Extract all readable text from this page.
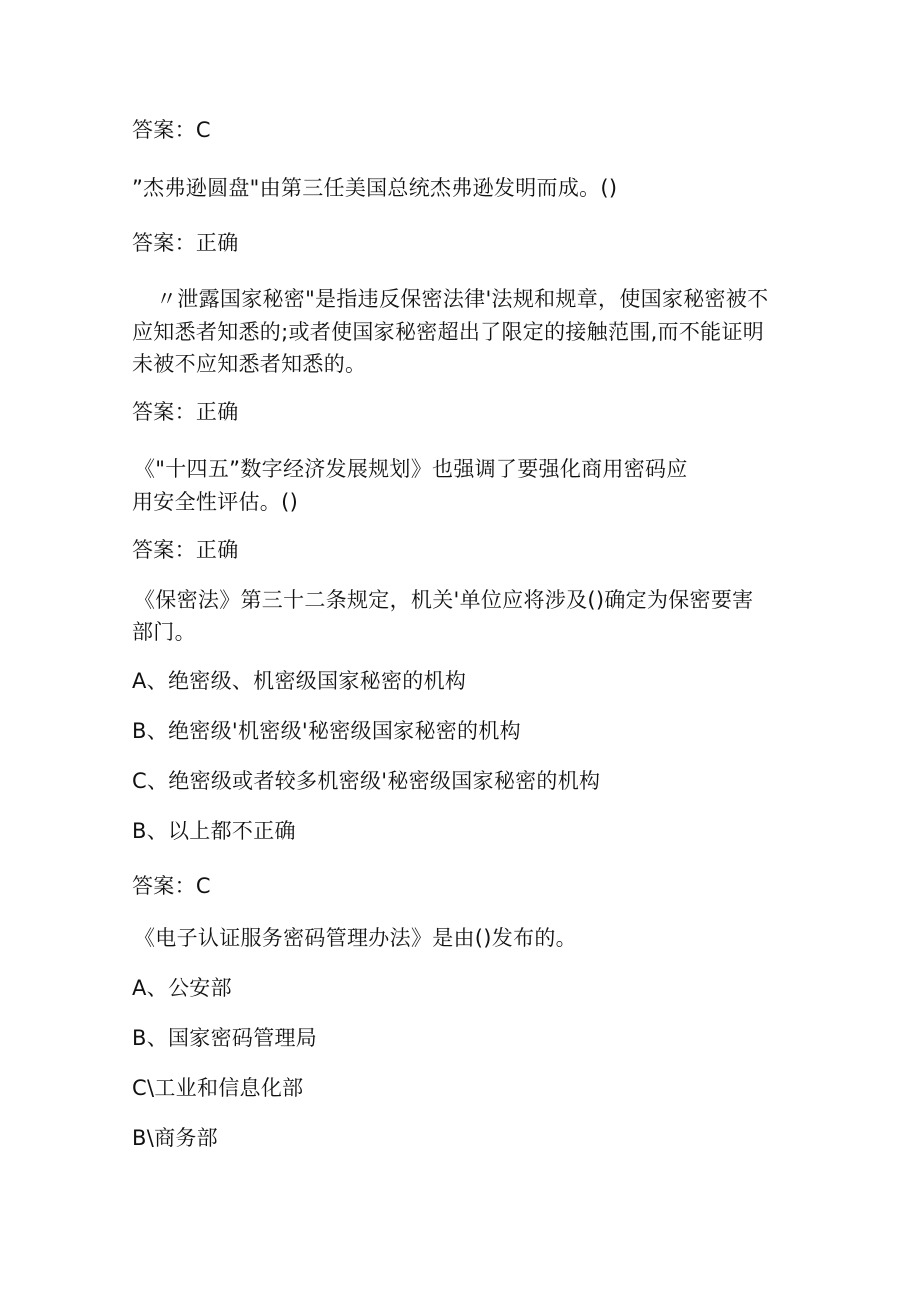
答案：C
”杰弗逊圆盘"由第三任美国总统杰弗逊发明而成。()
答案：正确
〃泄露国家秘密"是指违反保密法律'法规和规章，使国家秘密被不
应知悉者知悉的;或者使国家秘密超出了限定的接触范围,而不能证明
未被不应知悉者知悉的。
答案：正确
《"十四五”数字经济发展规划》也强调了要强化商用密码应
用安全性评估。()
答案：正确
《保密法》第三十二条规定，机关'单位应将涉及()确定为保密要害
部门。
A、绝密级、机密级国家秘密的机构
B、绝密级'机密级'秘密级国家秘密的机构
C、绝密级或者较多机密级'秘密级国家秘密的机构
B、以上都不正确
答案：C
《电子认证服务密码管理办法》是由()发布的。
A、公安部
B、国家密码管理局
C\工业和信息化部
B\商务部
